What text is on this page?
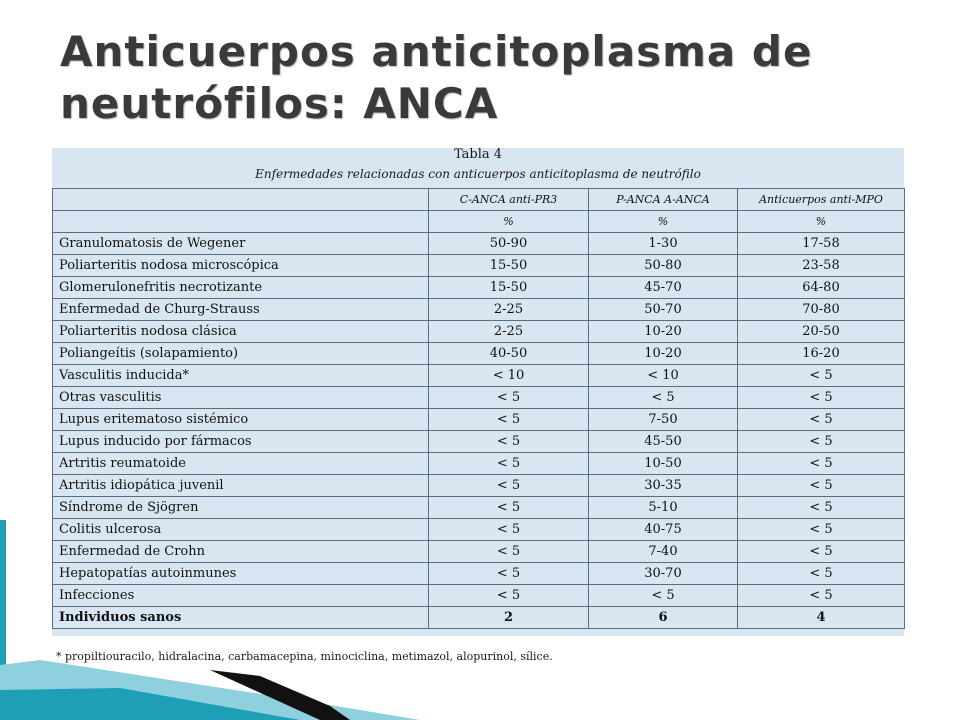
Anticuerpos anticitoplasma de neutrófilos: ANCA
Tabla 4
Enfermedades relacionadas con anticuerpos anticitoplasma de neutrófilo
	C-ANCA anti-PR3	P-ANCA A-ANCA	Anticuerpos anti-MPO
	%	%	%
Granulomatosis de Wegener	50-90	1-30	17-58
Poliarteritis nodosa microscópica	15-50	50-80	23-58
Glomerulonefritis necrotizante	15-50	45-70	64-80
Enfermedad de Churg-Strauss	2-25	50-70	70-80
Poliarteritis nodosa clásica	2-25	10-20	20-50
Poliangeítis (solapamiento)	40-50	10-20	16-20
Vasculitis inducida*	< 10	< 10	< 5
Otras vasculitis	< 5	< 5	< 5
Lupus eritematoso sistémico	< 5	7-50	< 5
Lupus inducido por fármacos	< 5	45-50	< 5
Artritis reumatoide	< 5	10-50	< 5
Artritis idiopática juvenil	< 5	30-35	< 5
Síndrome de Sjögren	< 5	5-10	< 5
Colitis ulcerosa	< 5	40-75	< 5
Enfermedad de Crohn	< 5	7-40	< 5
Hepatopatías autoinmunes	< 5	30-70	< 5
Infecciones	< 5	< 5	< 5
Individuos sanos	2	6	4
* propiltiouracilo, hidralacina, carbamacepina, minociclina, metimazol, alopurinol, sílice.
